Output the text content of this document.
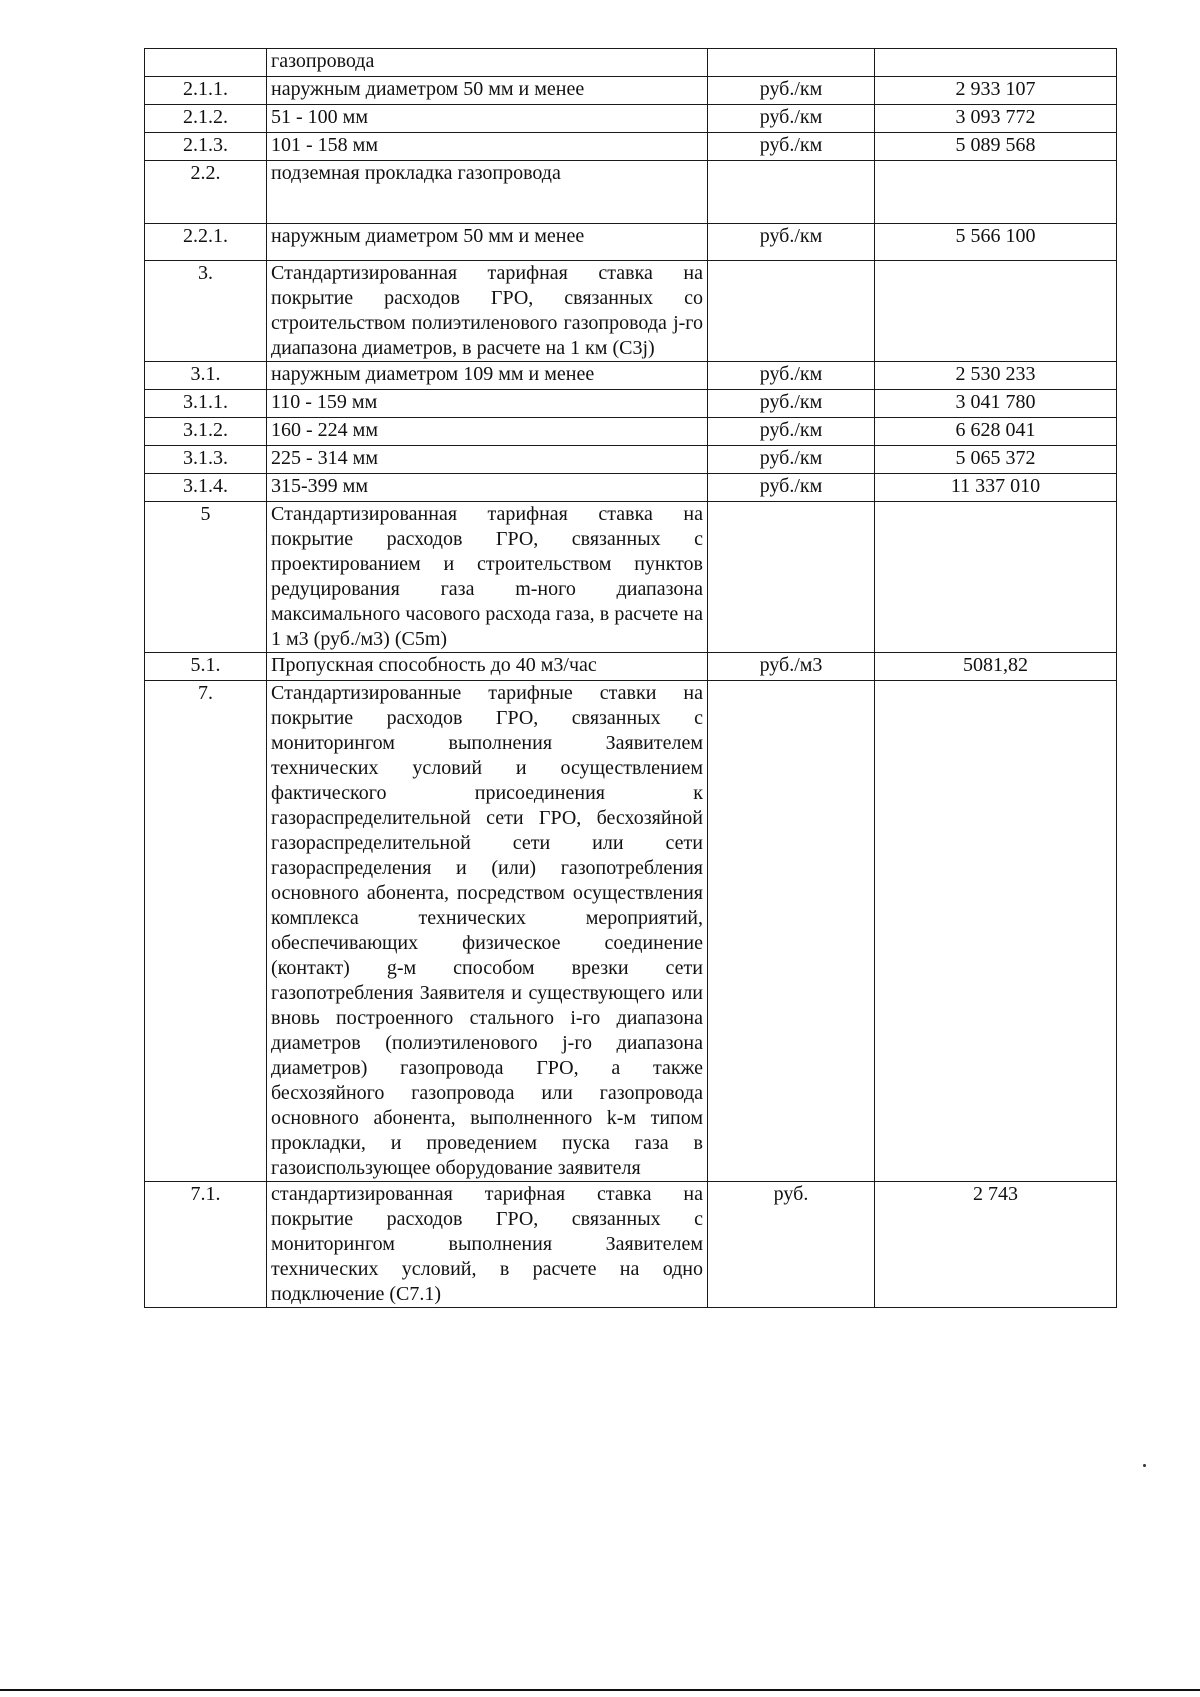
	газопровода		
2.1.1.	наружным диаметром 50 мм и менее	руб./км	2 933 107
2.1.2.	51 - 100 мм	руб./км	3 093 772
2.1.3.	101 - 158 мм	руб./км	5 089 568
2.2.	подземная прокладка газопровода		
2.2.1.	наружным диаметром 50 мм и менее	руб./км	5 566 100
3.	Стандартизированная тарифная ставка на покрытие расходов ГРО, связанных со строительством полиэтиленового газопровода j-го диапазона диаметров, в расчете на 1 км (С3j)		
3.1.	наружным диаметром 109 мм и менее	руб./км	2 530 233
3.1.1.	110 - 159 мм	руб./км	3 041 780
3.1.2.	160 - 224 мм	руб./км	6 628 041
3.1.3.	225 - 314 мм	руб./км	5 065 372
3.1.4.	315-399 мм	руб./км	11 337 010
5	Стандартизированная тарифная ставка на покрытие расходов ГРО, связанных с проектированием и строительством пунктов редуцирования газа m-ного диапазона максимального часового расхода газа, в расчете на 1 м3 (руб./м3) (C5m)		
5.1.	Пропускная способность до 40 м3/час	руб./м3	5081,82
7.	Стандартизированные тарифные ставки на покрытие расходов ГРО, связанных с мониторингом выполнения Заявителем технических условий и осуществлением фактического присоединения к газораспределительной сети ГРО, бесхозяйной газораспределительной сети или сети газораспределения и (или) газопотребления основного абонента, посредством осуществления комплекса технических мероприятий, обеспечивающих физическое соединение (контакт) g-м способом врезки сети газопотребления Заявителя и существующего или вновь построенного стального i-го диапазона диаметров (полиэтиленового j-го диапазона диаметров) газопровода ГРО, а также бесхозяйного газопровода или газопровода основного абонента, выполненного k-м типом прокладки, и проведением пуска газа в газоиспользующее оборудование заявителя		
7.1.	стандартизированная тарифная ставка на покрытие расходов ГРО, связанных с мониторингом выполнения Заявителем технических условий, в расчете на одно подключение (С7.1)	руб.	2 743
